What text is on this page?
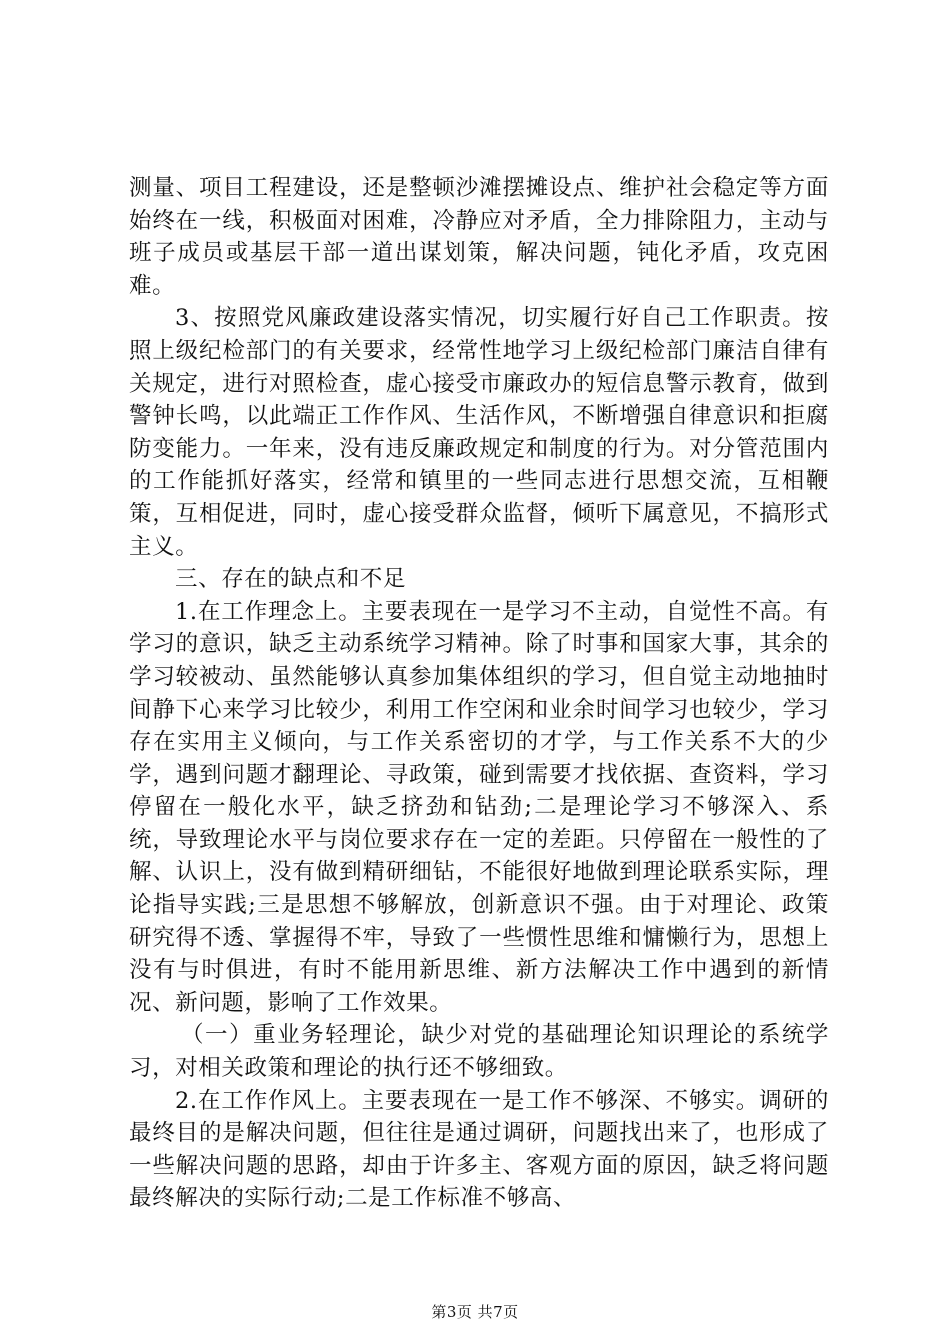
测量、项目工程建设，还是整顿沙滩摆摊设点、维护社会稳定等方面始终在一线，积极面对困难，冷静应对矛盾，全力排除阻力，主动与班子成员或基层干部一道出谋划策，解决问题，钝化矛盾，攻克困难。

3、按照党风廉政建设落实情况，切实履行好自己工作职责。按照上级纪检部门的有关要求，经常性地学习上级纪检部门廉洁自律有关规定，进行对照检查，虚心接受市廉政办的短信息警示教育，做到警钟长鸣，以此端正工作作风、生活作风，不断增强自律意识和拒腐防变能力。一年来，没有违反廉政规定和制度的行为。对分管范围内的工作能抓好落实，经常和镇里的一些同志进行思想交流，互相鞭策，互相促进，同时，虚心接受群众监督，倾听下属意见，不搞形式主义。

三、存在的缺点和不足

1.在工作理念上。主要表现在一是学习不主动，自觉性不高。有学习的意识，缺乏主动系统学习精神。除了时事和国家大事，其余的学习较被动、虽然能够认真参加集体组织的学习，但自觉主动地抽时间静下心来学习比较少，利用工作空闲和业余时间学习也较少，学习存在实用主义倾向，与工作关系密切的才学，与工作关系不大的少学，遇到问题才翻理论、寻政策，碰到需要才找依据、查资料，学习停留在一般化水平，缺乏挤劲和钻劲;二是理论学习不够深入、系统，导致理论水平与岗位要求存在一定的差距。只停留在一般性的了解、认识上，没有做到精研细钻，不能很好地做到理论联系实际，理论指导实践;三是思想不够解放，创新意识不强。由于对理论、政策研究得不透、掌握得不牢，导致了一些惯性思维和慵懒行为，思想上没有与时俱进，有时不能用新思维、新方法解决工作中遇到的新情况、新问题，影响了工作效果。

（一）重业务轻理论，缺少对党的基础理论知识理论的系统学习，对相关政策和理论的执行还不够细致。

2.在工作作风上。主要表现在一是工作不够深、不够实。调研的最终目的是解决问题，但往往是通过调研，问题找出来了，也形成了一些解决问题的思路，却由于许多主、客观方面的原因，缺乏将问题最终解决的实际行动;二是工作标准不够高、

第3页 共7页
